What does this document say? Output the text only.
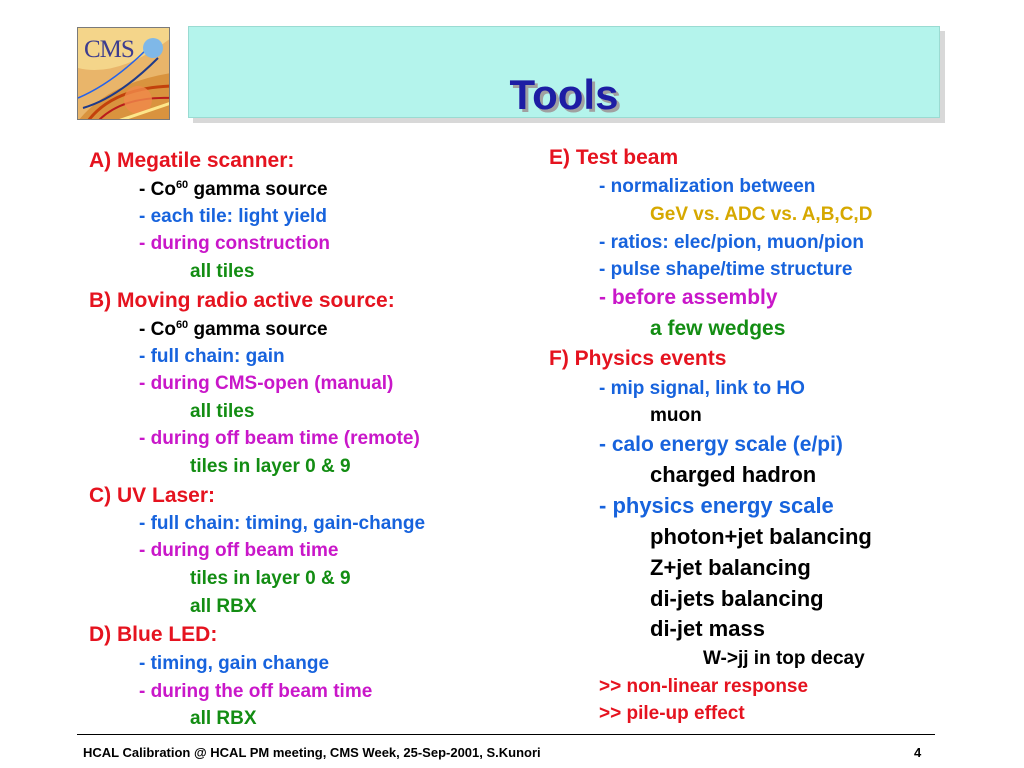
CMS
Tools
A) Megatile scanner:
- Co$^{60}$ gamma source
- each tile: light yield
- during construction
all tiles
B) Moving radio active source:
- Co$^{60}$ gamma source
- full chain: gain
- during CMS-open (manual)
all tiles
- during off beam time (remote)
tiles in layer 0 & 9
C) UV Laser:
- full chain: timing, gain-change
- during off beam time
tiles in layer 0 & 9
all RBX
D) Blue LED:
- timing, gain change
- during the off beam time
all RBX
E) Test beam
- normalization between
GeV vs. ADC vs. A,B,C,D
- ratios: elec/pion, muon/pion
- pulse shape/time structure
- before assembly
a few wedges
F) Physics events
- mip signal, link to HO
muon
- calo energy scale (e/pi)
charged hadron
- physics energy scale
photon+jet balancing
Z+jet balancing
di-jets balancing
di-jet mass
W->jj in top decay
>> non-linear response
>> pile-up effect
HCAL Calibration @ HCAL PM meeting, CMS Week, 25-Sep-2001, S.Kunori	4
